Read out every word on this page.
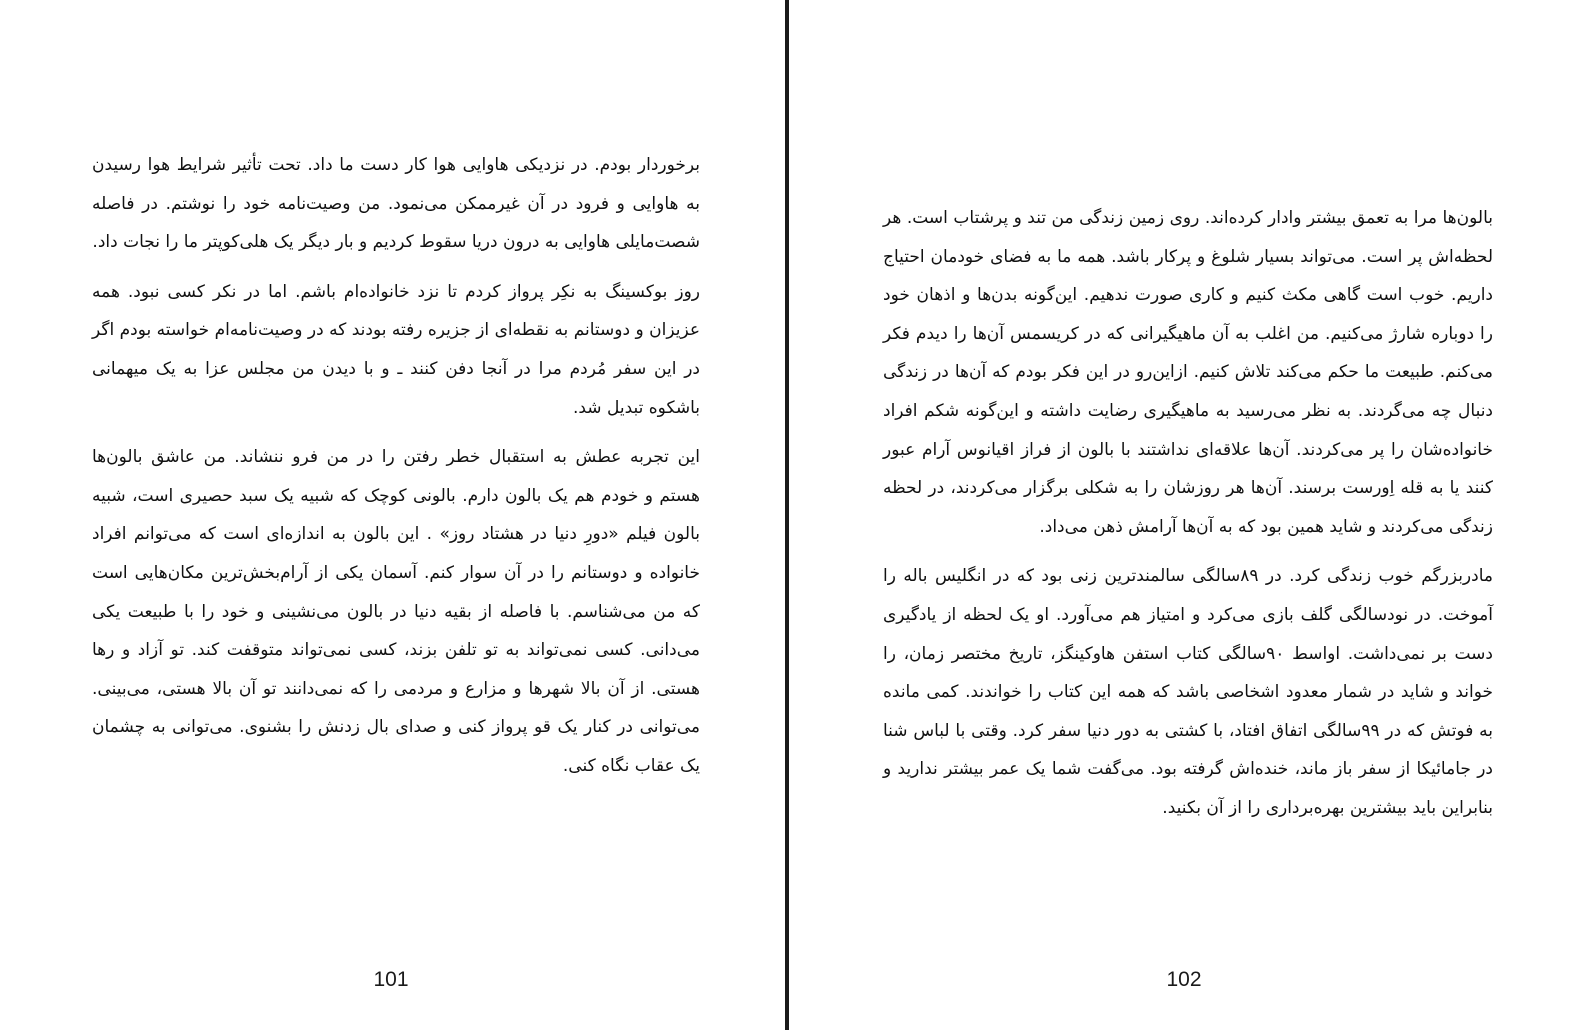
برخوردار بودم. در نزدیکی هاوایی هوا کار دست ما داد. تحت تأثیر شرایط هوا رسیدن به هاوایی و فرود در آن غیرممکن می‌نمود. من وصیت‌نامه خود را نوشتم. در فاصله شصت‌مایلی هاوایی به درون دریا سقوط کردیم و بار دیگر یک هلی‌کوپتر ما را نجات داد.

روز بوکسینگ به نکِر پرواز کردم تا نزد خانواده‌ام باشم. اما در نکر کسی نبود. همه عزیزان و دوستانم به نقطه‌ای از جزیره رفته بودند که در وصیت‌نامه‌ام خواسته بودم اگر در این سفر مُردم مرا در آنجا دفن کنند ـ و با دیدن من مجلس عزا به یک میهمانی باشکوه تبدیل شد.

این تجربه عطش به استقبال خطر رفتن را در من فرو ننشاند. من عاشق بالون‌ها هستم و خودم هم یک بالون دارم. بالونی کوچک که شبیه یک سبد حصیری است، شبیه بالون فیلم «دورِ دنیا در هشتاد روز» . این بالون به اندازه‌ای است که می‌توانم افراد خانواده و دوستانم را در آن سوار کنم. آسمان یکی از آرام‌بخش‌ترین مکان‌هایی است که من می‌شناسم. با فاصله از بقیه دنیا در بالون می‌نشینی و خود را با طبیعت یکی می‌دانی. کسی نمی‌تواند به تو تلفن بزند، کسی نمی‌تواند متوقفت کند. تو آزاد و رها هستی. از آن بالا شهرها و مزارع و مردمی را که نمی‌دانند تو آن بالا هستی، می‌بینی. می‌توانی در کنار یک قو پرواز کنی و صدای بال زدنش را بشنوی. می‌توانی به چشمان یک عقاب نگاه کنی.

101

بالون‌ها مرا به تعمق بیشتر وادار کرده‌اند. روی زمین زندگی من تند و پرشتاب است. هر لحظه‌اش پر است. می‌تواند بسیار شلوغ و پرکار باشد. همه ما به فضای خودمان احتیاج داریم. خوب است گاهی مکث کنیم و کاری صورت ندهیم. این‌گونه بدن‌ها و اذهان خود را دوباره شارژ می‌کنیم. من اغلب به آن ماهیگیرانی که در کریسمس آن‌ها را دیدم فکر می‌کنم. طبیعت ما حکم می‌کند تلاش کنیم. ازاین‌رو در این فکر بودم که آن‌ها در زندگی دنبال چه می‌گردند. به نظر می‌رسید به ماهیگیری رضایت داشته و این‌گونه شکم افراد خانواده‌شان را پر می‌کردند. آن‌ها علاقه‌ای نداشتند با بالون از فراز اقیانوس آرام عبور کنند یا به قله اِورست برسند. آن‌ها هر روزشان را به شکلی برگزار می‌کردند، در لحظه زندگی می‌کردند و شاید همین بود که به آن‌ها آرامش ذهن می‌داد.

مادربزرگم خوب زندگی کرد. در ۸۹سالگی سالمندترین زنی بود که در انگلیس باله را آموخت. در نودسالگی گلف بازی می‌کرد و امتیاز هم می‌آورد. او یک لحظه از یادگیری دست بر نمی‌داشت. اواسط ۹۰سالگی کتاب استفن هاوکینگز، تاریخ مختصر زمان، را خواند و شاید در شمار معدود اشخاصی باشد که همه این کتاب را خواندند. کمی مانده به فوتش که در ۹۹سالگی اتفاق افتاد، با کشتی به دور دنیا سفر کرد. وقتی با لباس شنا در جامائیکا از سفر باز ماند، خنده‌اش گرفته بود. می‌گفت شما یک عمر بیشتر ندارید و بنابراین باید بیشترین بهره‌برداری را از آن بکنید.

102
